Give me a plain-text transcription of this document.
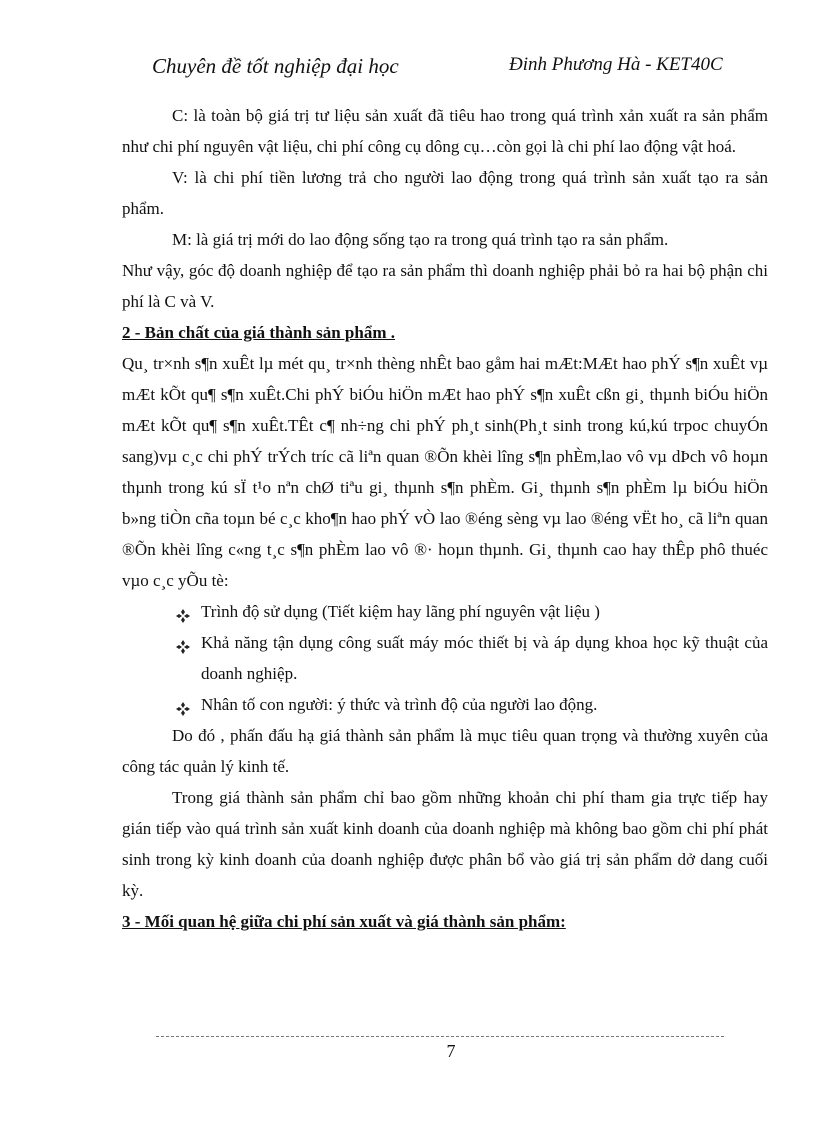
Chuyên đề tốt nghiệp đại học	Đinh Phương Hà - KET40C

C: là toàn bộ giá trị tư liệu sản xuất đã tiêu hao trong quá trình xản xuất ra sản phẩm như chi phí nguyên vật liệu, chi phí công cụ dông cụ…còn gọi là chi phí lao động vật hoá.

V: là chi phí tiền lương trả cho người lao động trong quá trình sản xuất tạo ra sản phẩm.

M: là giá trị mới do lao động sống tạo ra trong quá trình tạo ra sản phẩm.

Như vậy, góc độ doanh nghiệp để tạo ra sản phẩm thì doanh nghiệp phải bỏ ra hai bộ phận chi phí là C và V.

2 - Bản chất của giá thành sản phẩm .

Qu¸ tr×nh s¶n xuÊt lµ mét qu¸ tr×nh thèng nhÊt bao gåm hai mÆt:MÆt hao phÝ s¶n xuÊt vµ mÆt kÕt qu¶ s¶n xuÊt.Chi phÝ biÓu hiÖn mÆt hao phÝ s¶n xuÊt cßn gi¸ thµnh biÓu hiÖn mÆt kÕt qu¶ s¶n xuÊt.TÊt c¶ nh÷ng chi phÝ ph¸t sinh(Ph¸t sinh trong kú,kú trpoc chuyÓn sang)vµ c¸c chi phÝ trÝch tríc cã liªn quan ®Õn khèi lîng s¶n phÈm,lao vô vµ dÞch vô hoµn thµnh trong kú sÏ t¹o nªn chØ tiªu gi¸ thµnh s¶n phÈm. Gi¸ thµnh s¶n phÈm lµ biÓu hiÖn b»ng tiÒn cña toµn bé c¸c kho¶n hao phÝ vÒ lao ®éng sèng vµ lao ®éng vËt ho¸ cã liªn quan ®Õn khèi lîng c«ng t¸c s¶n phÈm lao vô ®· hoµn thµnh. Gi¸ thµnh cao hay thÊp phô thuéc vµo c¸c yÕu tè:

Trình độ sử dụng (Tiết kiệm hay lãng phí nguyên vật liệu )
Khả năng tận dụng công suất máy móc thiết bị và áp dụng khoa học kỹ thuật của doanh nghiệp.
Nhân tố con người: ý thức và trình độ của người lao động.

Do đó , phấn đấu hạ giá thành sản phẩm là mục tiêu quan trọng và thường xuyên của công tác quản lý kinh tế.

Trong giá thành sản phẩm chỉ bao gồm những khoản chi phí tham gia trực tiếp hay gián tiếp vào quá trình sản xuất kinh doanh của doanh nghiệp mà không bao gồm chi phí phát sinh trong kỳ kinh doanh của doanh nghiệp được phân bổ vào giá trị sản phẩm dở dang cuối kỳ.

3 - Mối quan hệ giữa chi phí sản xuất và giá thành sản phẩm:

7
